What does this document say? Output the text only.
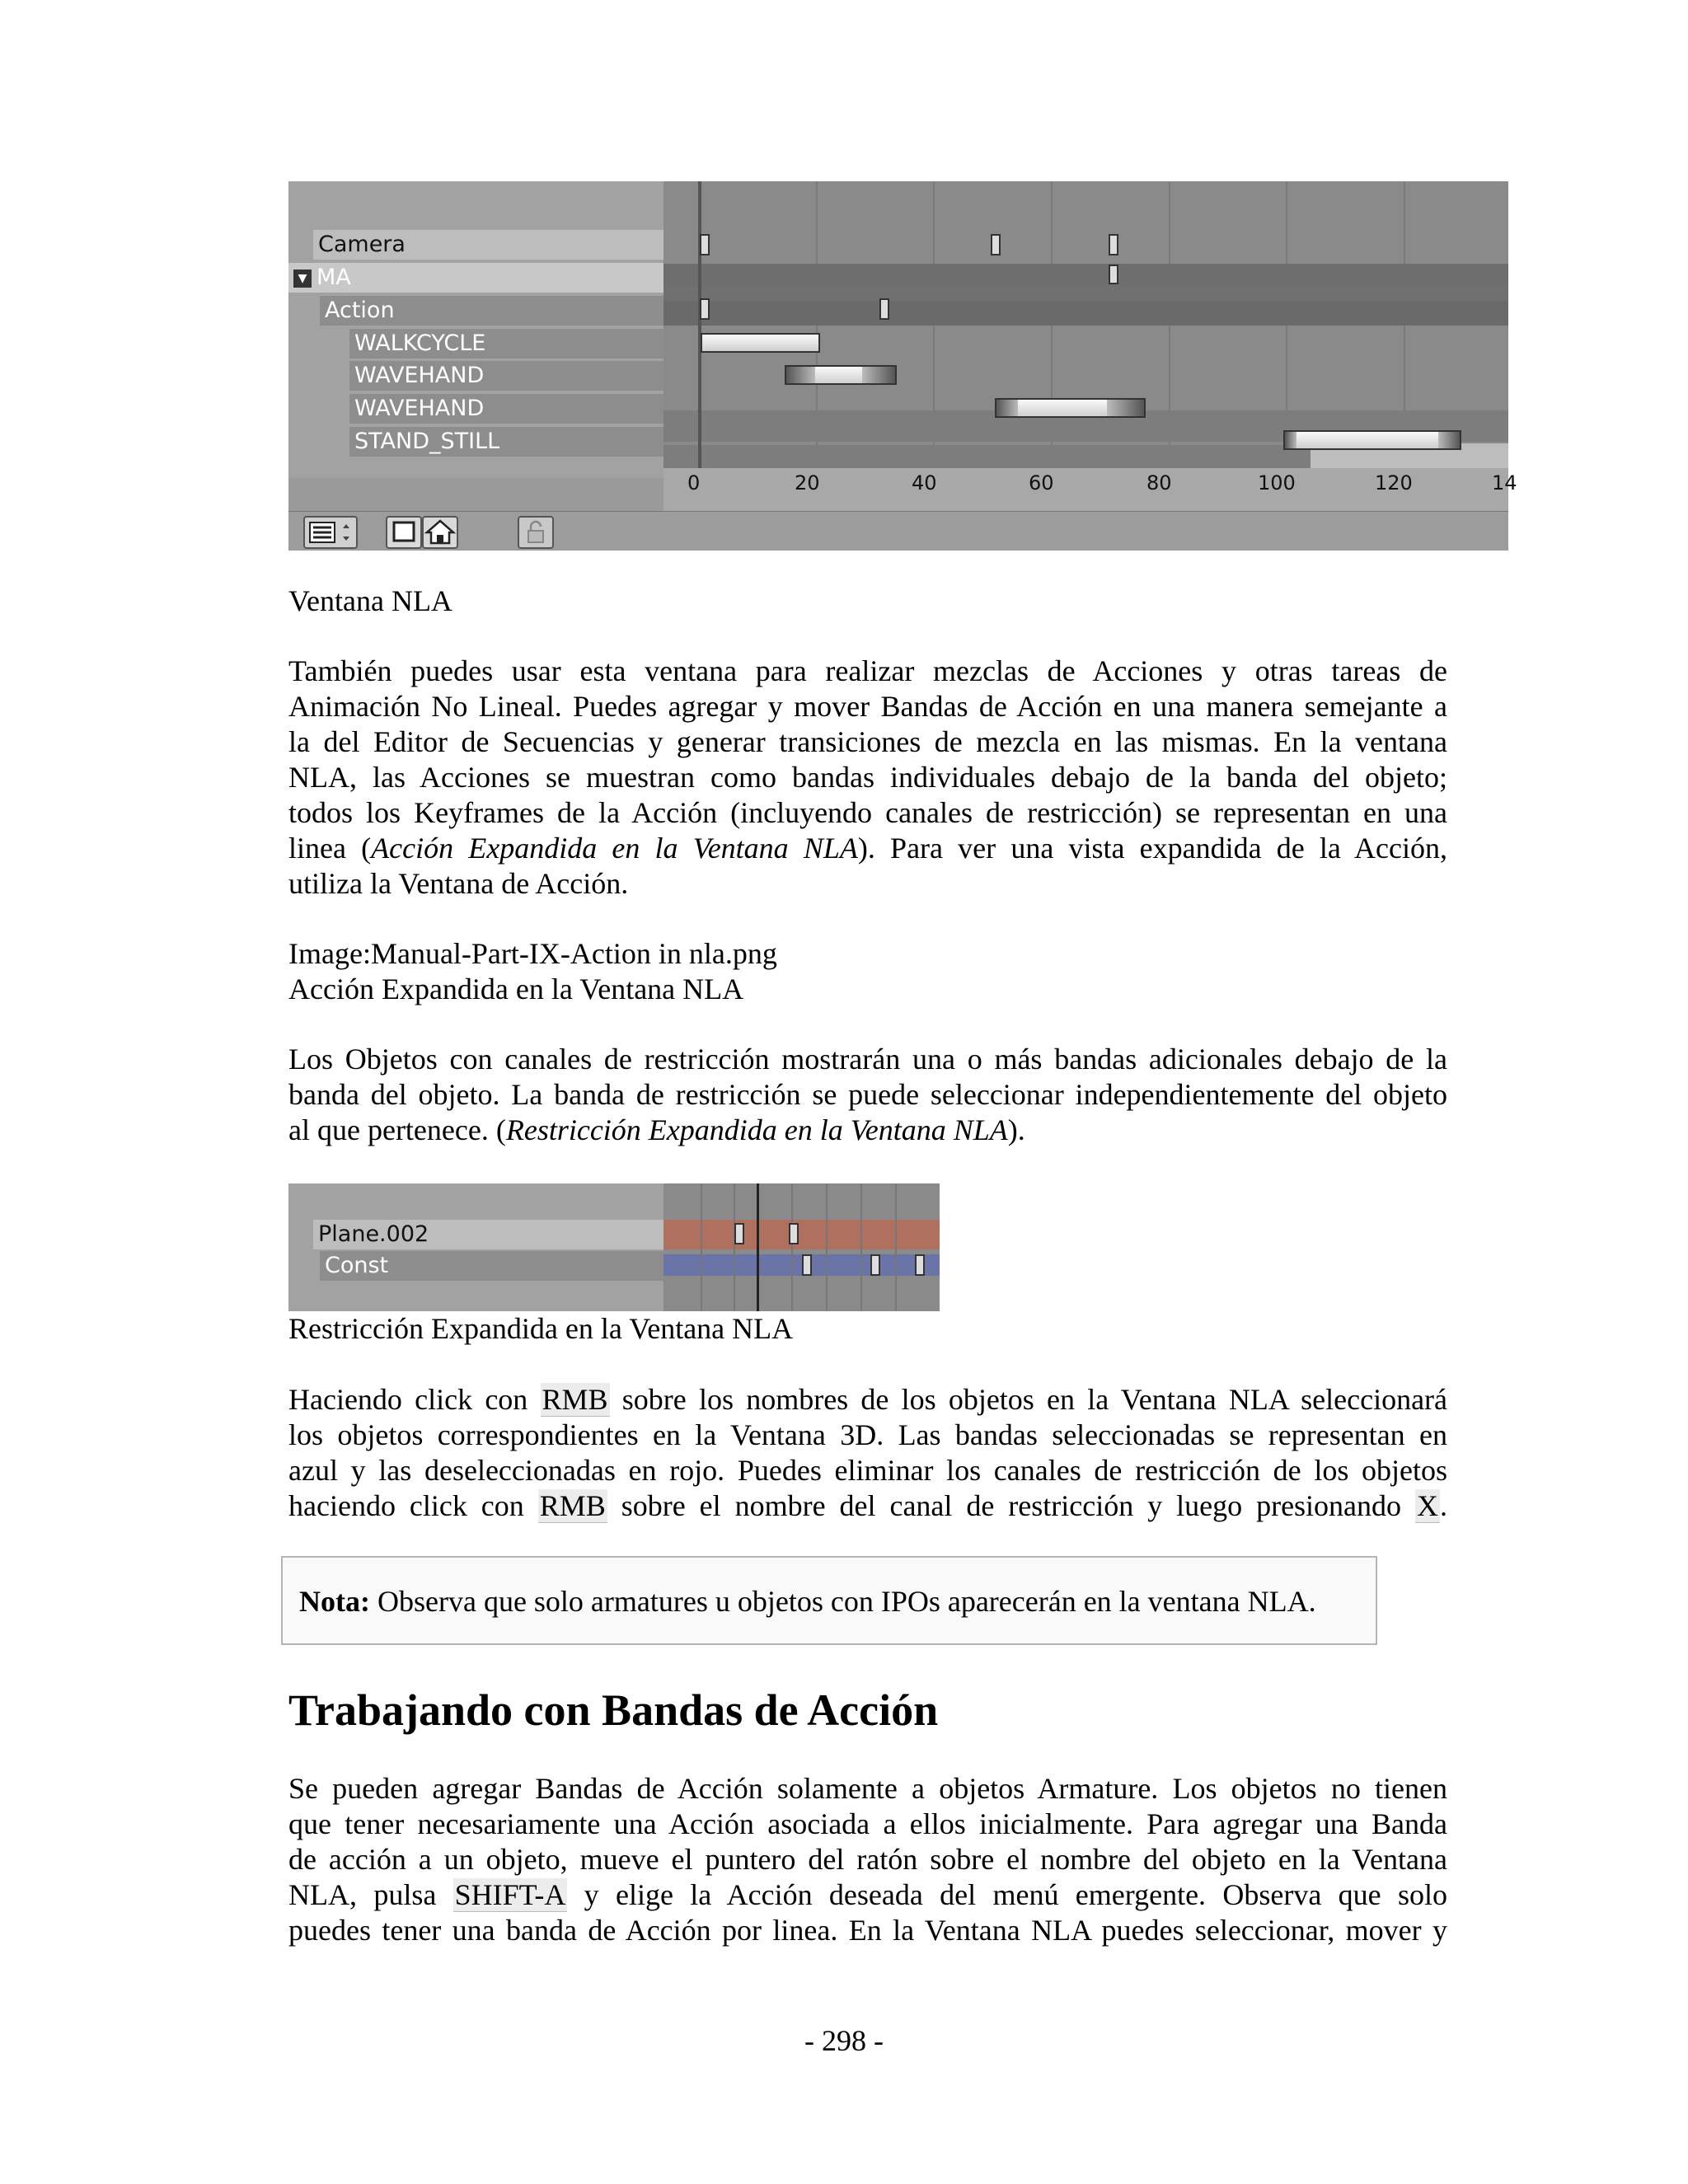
Camera
▼ MA
Action
WALKCYCLE
WAVEHAND
WAVEHAND
STAND_STILL
0	20	40	60	80	100	120	14
Ventana NLA
También puedes usar esta ventana para realizar mezclas de Acciones y otras tareas de
Animación No Lineal. Puedes agregar y mover Bandas de Acción en una manera semejante a
la del Editor de Secuencias y generar transiciones de mezcla en las mismas. En la ventana
NLA, las Acciones se muestran como bandas individuales debajo de la banda del objeto;
todos los Keyframes de la Acción (incluyendo canales de restricción) se representan en una
linea (Acción Expandida en la Ventana NLA). Para ver una vista expandida de la Acción,
utiliza la Ventana de Acción.
Image:Manual-Part-IX-Action in nla.png
Acción Expandida en la Ventana NLA
Los Objetos con canales de restricción mostrarán una o más bandas adicionales debajo de la
banda del objeto. La banda de restricción se puede seleccionar independientemente del objeto
al que pertenece. (Restricción Expandida en la Ventana NLA).
Plane.002
Const
Restricción Expandida en la Ventana NLA
Haciendo click con RMB sobre los nombres de los objetos en la Ventana NLA seleccionará
los objetos correspondientes en la Ventana 3D. Las bandas seleccionadas se representan en
azul y las deseleccionadas en rojo. Puedes eliminar los canales de restricción de los objetos
haciendo click con RMB sobre el nombre del canal de restricción y luego presionando X.
Nota: Observa que solo armatures u objetos con IPOs aparecerán en la ventana NLA.
Trabajando con Bandas de Acción
Se pueden agregar Bandas de Acción solamente a objetos Armature. Los objetos no tienen
que tener necesariamente una Acción asociada a ellos inicialmente. Para agregar una Banda
de acción a un objeto, mueve el puntero del ratón sobre el nombre del objeto en la Ventana
NLA, pulsa SHIFT-A y elige la Acción deseada del menú emergente. Observa que solo
puedes tener una banda de Acción por linea. En la Ventana NLA puedes seleccionar, mover y
- 298 -
